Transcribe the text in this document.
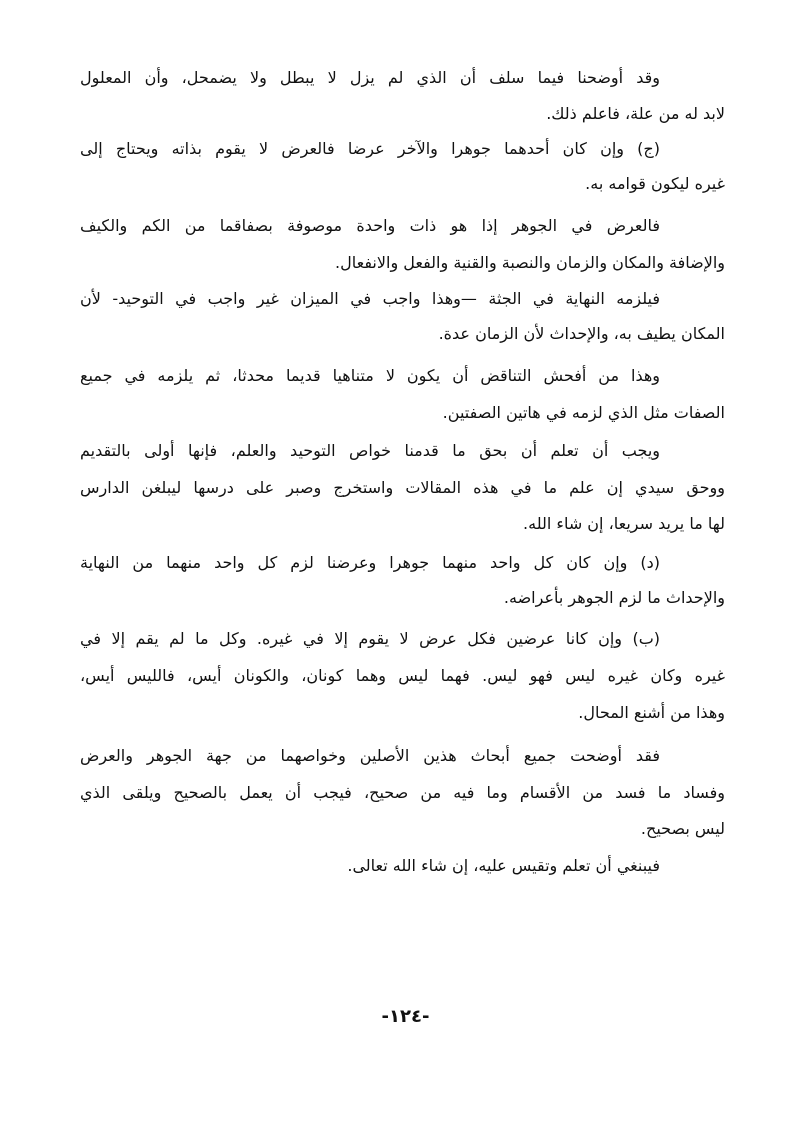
وقد أوضحنا فيما سلف أن الذي لم يزل لا يبطل ولا يضمحل، وأن المعلول
لابد له من علة، فاعلم ذلك.
(ج) وإن كان أحدهما جوهرا والآخر عرضا فالعرض لا يقوم بذاته ويحتاج إلى
غيره ليكون قوامه به.
فالعرض في الجوهر إذا هو ذات واحدة موصوفة بصفاقما من الكم والكيف
والإضافة والمكان والزمان والنصبة والقنية والفعل والانفعال.
فيلزمه النهاية في الجثة —وهذا واجب في الميزان غير واجب في التوحيد- لأن
المكان يطيف به، والإحداث لأن الزمان عدة.
وهذا من أفحش التناقض أن يكون لا متناهيا قديما محدثا، ثم يلزمه في جميع
الصفات مثل الذي لزمه في هاتين الصفتين.
ويجب أن تعلم أن بحق ما قدمنا خواص التوحيد والعلم، فإنها أولى بالتقديم
ووحق سيدي إن علم ما في هذه المقالات واستخرج وصبر على درسها ليبلغن الدارس
لها ما يريد سريعا، إن شاء الله.
(د) وإن كان كل واحد منهما جوهرا وعرضنا لزم كل واحد منهما من النهاية
والإحداث ما لزم الجوهر بأعراضه.
(ب) وإن كانا عرضين فكل عرض لا يقوم إلا في غيره. وكل ما لم يقم إلا في
غيره وكان غيره ليس فهو ليس. فهما ليس وهما كونان، والكونان أيس، فالليس أيس،
وهذا من أشنع المحال.
فقد أوضحت جميع أبحاث هذين الأصلين وخواصهما من جهة الجوهر والعرض
وفساد ما فسد من الأقسام وما فيه من صحيح، فيجب أن يعمل بالصحيح ويلقى الذي
ليس بصحيح.
فيبنغي أن تعلم وتقيس عليه، إن شاء الله تعالى.
-١٢٤-
